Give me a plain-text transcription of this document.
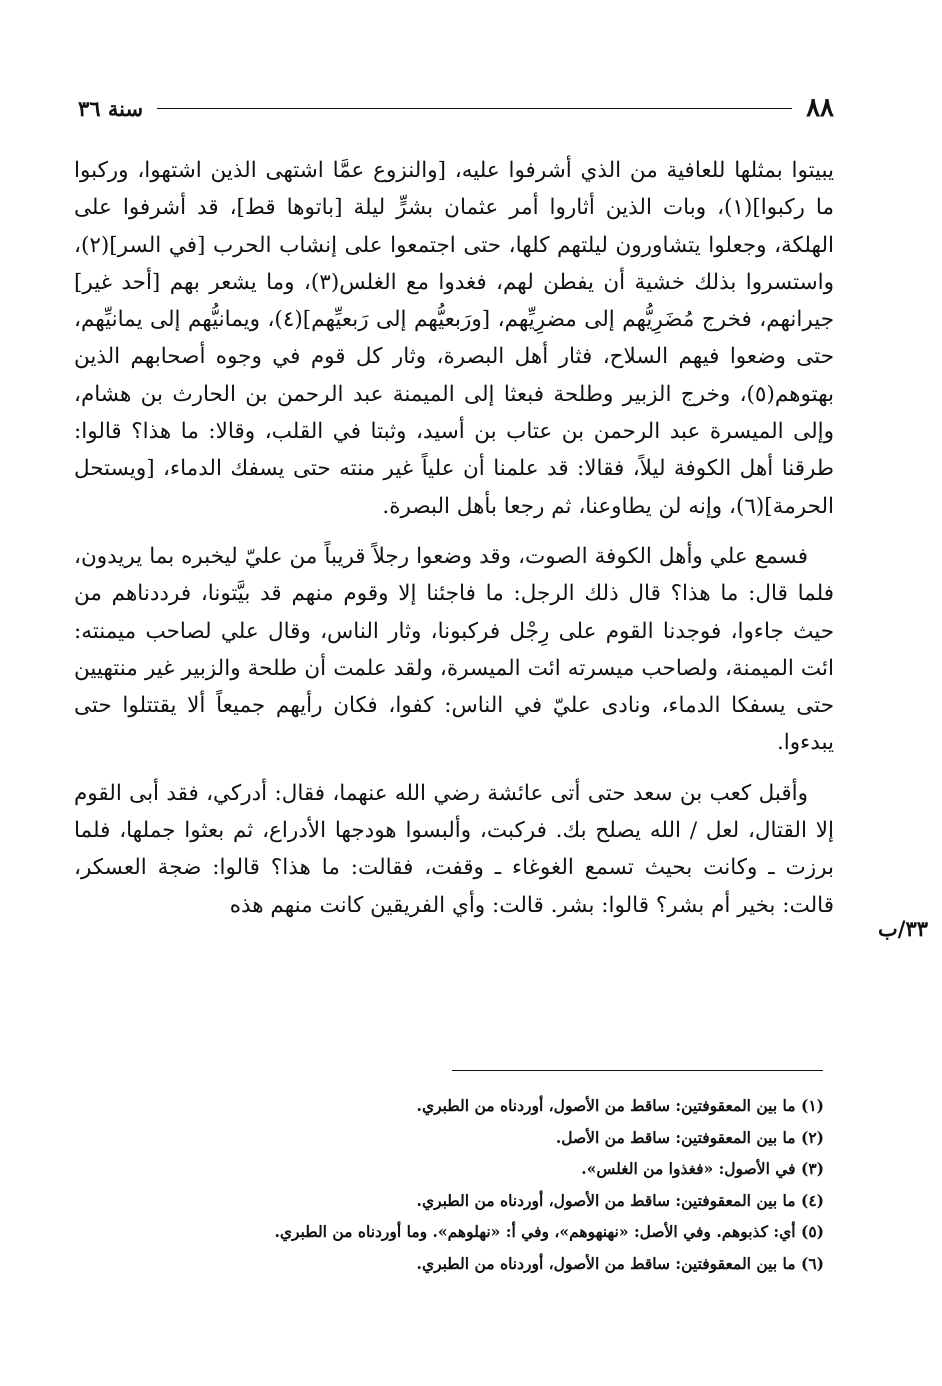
٨٨
سنة ٣٦

يبيتوا بمثلها للعافية من الذي أشرفوا عليه، [والنزوع عمَّا اشتهى الذين اشتهوا، وركبوا ما ركبوا](١)، وبات الذين أثاروا أمر عثمان بشرٍّ ليلة [باتوها قط]، قد أشرفوا على الهلكة، وجعلوا يتشاورون ليلتهم كلها، حتى اجتمعوا على إنشاب الحرب [في السر](٢)، واستسروا بذلك خشية أن يفطن لهم، فغدوا مع الغلس(٣)، وما يشعر بهم [أحد غير] جيرانهم، فخرج مُضَرِيُّهم إلى مضرِيِّهم، [ورَبعيُّهم إلى رَبعيِّهم](٤)، ويمانيُّهم إلى يمانيِّهم، حتى وضعوا فيهم السلاح، فثار أهل البصرة، وثار كل قوم في وجوه أصحابهم الذين بهتوهم(٥)، وخرج الزبير وطلحة فبعثا إلى الميمنة عبد الرحمن بن الحارث بن هشام، وإلى الميسرة عبد الرحمن بن عتاب بن أسيد، وثبتا في القلب، وقالا: ما هذا؟ قالوا: طرقنا أهل الكوفة ليلاً، فقالا: قد علمنا أن علياً غير منته حتى يسفك الدماء، [ويستحل الحرمة](٦)، وإنه لن يطاوعنا، ثم رجعا بأهل البصرة.

فسمع علي وأهل الكوفة الصوت، وقد وضعوا رجلاً قريباً من عليّ ليخبره بما يريدون، فلما قال: ما هذا؟ قال ذلك الرجل: ما فاجئنا إلا وقوم منهم قد بيَّتونا، فرددناهم من حيث جاءوا، فوجدنا القوم على رِجْل فركبونا، وثار الناس، وقال علي لصاحب ميمنته: ائت الميمنة، ولصاحب ميسرته ائت الميسرة، ولقد علمت أن طلحة والزبير غير منتهيين حتى يسفكا الدماء، ونادى عليّ في الناس: كفوا، فكان رأيهم جميعاً ألا يقتتلوا حتى يبدءوا.

وأقبل كعب بن سعد حتى أتى عائشة رضي الله عنهما، فقال: أدركي، فقد أبى القوم إلا القتال، لعل / الله يصلح بك. فركبت، وألبسوا هودجها الأدراع، ثم بعثوا جملها، فلما برزت ـ وكانت بحيث تسمع الغوغاء ـ وقفت، فقالت: ما هذا؟ قالوا: ضجة العسكر، قالت: بخير أم بشر؟ قالوا: بشر. قالت: وأي الفريقين كانت منهم هذه

٣٣/ب
(١) ما بين المعقوفتين: ساقط من الأصول، أوردناه من الطبري.
(٢) ما بين المعقوفتين: ساقط من الأصل.
(٣) في الأصول: «فغذوا من الغلس».
(٤) ما بين المعقوفتين: ساقط من الأصول، أوردناه من الطبري.
(٥) أي: كذبوهم. وفي الأصل: «نهنهوهم»، وفي أ: «نهلوهم». وما أوردناه من الطبري.
(٦) ما بين المعقوفتين: ساقط من الأصول، أوردناه من الطبري.
